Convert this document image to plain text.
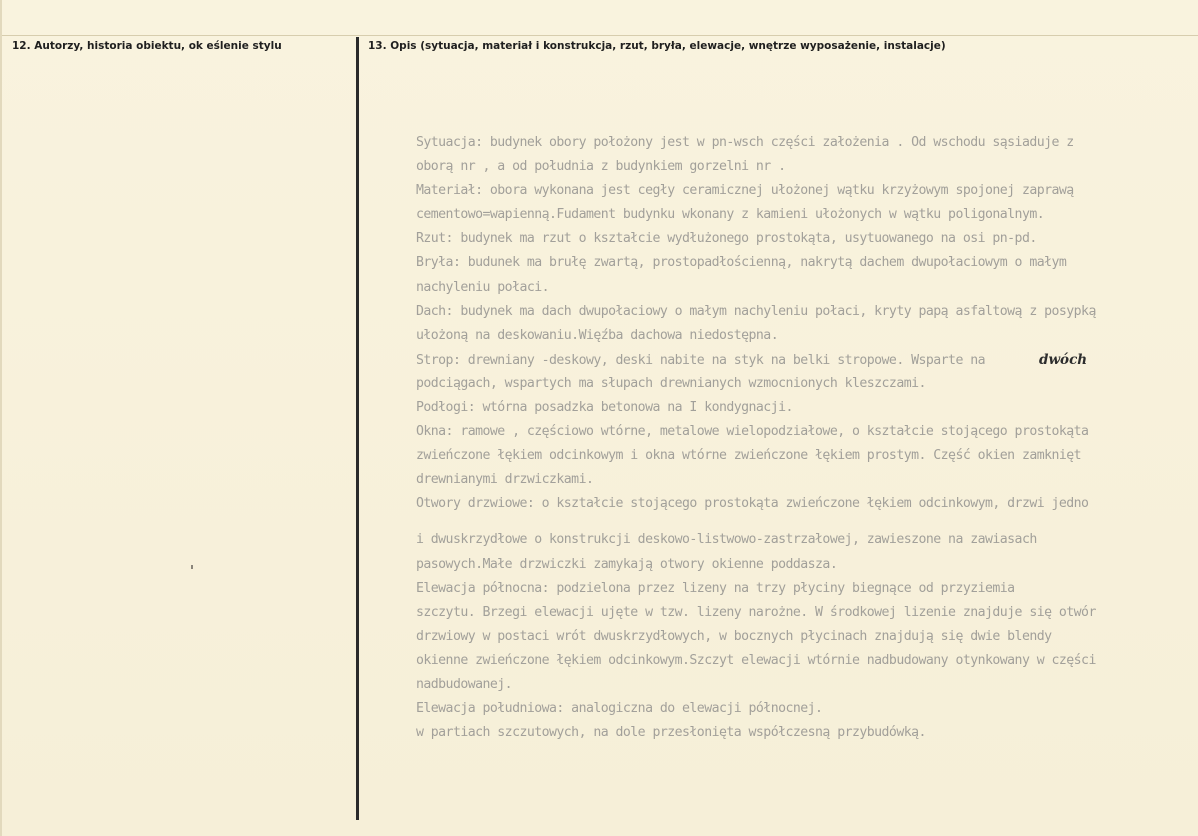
12. Autorzy, historia obiektu, ok eślenie stylu	13. Opis (sytuacja, materiał i konstrukcja, rzut, bryła, elewacje, wnętrze wyposażenie, instalacje)
Sytuacja: budynek obory położony jest w pn-wsch części założenia . Od wschodu sąsiaduje z
oborą nr , a od południa z budynkiem gorzelni nr .
Materiał: obora wykonana jest cegły ceramicznej ułożonej wątku krzyżowym spojonej zaprawą
cementowo=wapienną.Fudament budynku wkonany z kamieni ułożonych w wątku poligonalnym.
Rzut: budynek ma rzut o kształcie wydłużonego prostokąta, usytuowanego na osi pn-pd.
Bryła: budunek ma brułę zwartą, prostopadłościenną, nakrytą dachem dwupołaciowym o małym
nachyleniu połaci.
Dach: budynek ma dach dwupołaciowy o małym nachyleniu połaci, kryty papą asfaltową z posypką
ułożoną na deskowaniu.Więźba dachowa niedostępna.
Strop: drewniany -deskowy, deski nabite na styk na belki stropowe. Wsparte na	dwóch
podciągach, wspartych ma słupach drewnianych wzmocnionych kleszczami.
Podłogi: wtórna posadzka betonowa na I kondygnacji.
Okna: ramowe , częściowo wtórne, metalowe wielopodziałowe, o kształcie stojącego prostokąta
zwieńczone łękiem odcinkowym i okna wtórne zwieńczone łękiem prostym. Część okien zamknięt
drewnianymi drzwiczkami.
Otwory drzwiowe: o kształcie stojącego prostokąta zwieńczone łękiem odcinkowym, drzwi jedno
i dwuskrzydłowe o konstrukcji deskowo-listwowo-zastrzałowej, zawieszone na zawiasach
pasowych.Małe drzwiczki zamykają otwory okienne poddasza.
Elewacja północna: podzielona przez lizeny na trzy płyciny biegnące od przyziemia
szczytu. Brzegi elewacji ujęte w tzw. lizeny narożne. W środkowej lizenie znajduje się otwór
drzwiowy w postaci wrót dwuskrzydłowych, w bocznych płycinach znajdują się dwie blendy
okienne zwieńczone łękiem odcinkowym.Szczyt elewacji wtórnie nadbudowany otynkowany w części
nadbudowanej.
Elewacja południowa: analogiczna do elewacji północnej.
w partiach szczutowych, na dole przesłonięta współczesną przybudówką.
